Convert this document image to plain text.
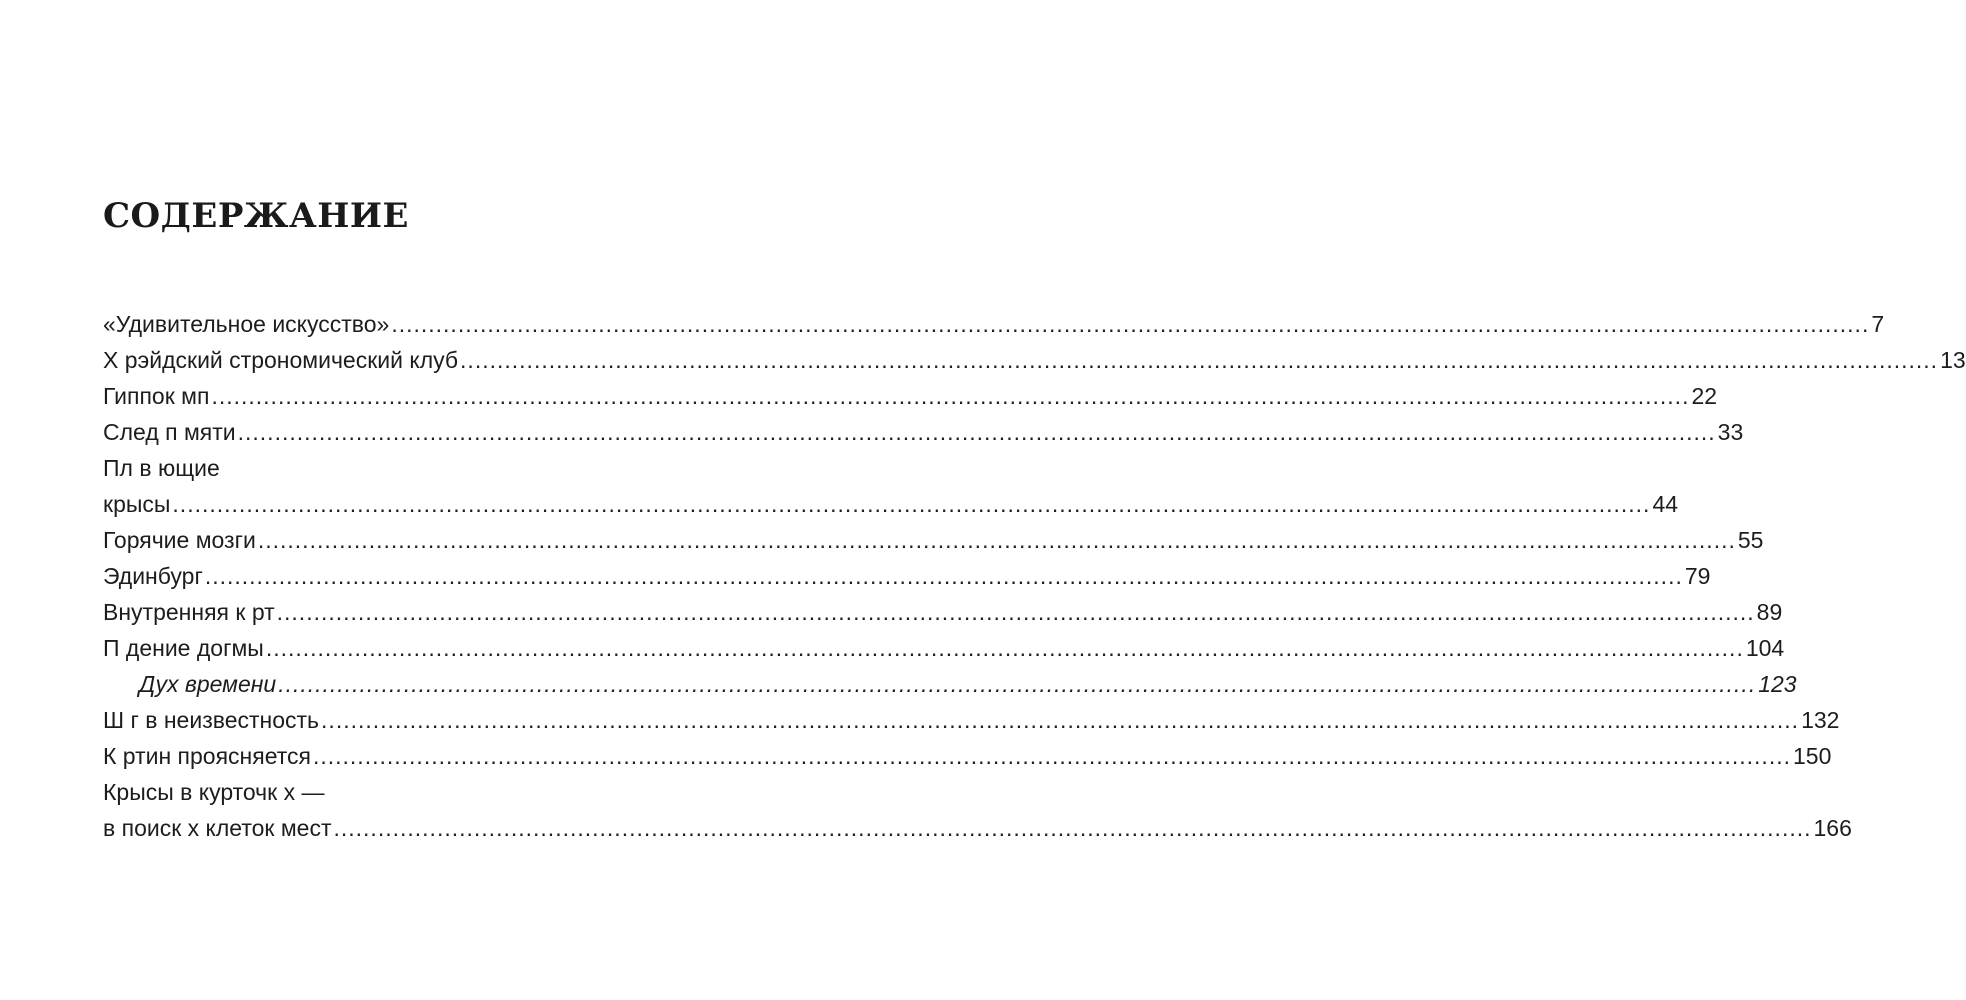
СОДЕРЖАНИЕ
«Удивительное искусство» ........................................................................................................................................................................................................ 7
Х рэйдский строномический клуб ........................................................................................................................................................................................................ 13
Гиппок мп ........................................................................................................................................................................................................ 22
След п мяти ........................................................................................................................................................................................................ 33
Пл в ющие
крысы ........................................................................................................................................................................................................ 44
Горячие мозги ........................................................................................................................................................................................................ 55
Эдинбург ........................................................................................................................................................................................................ 79
Внутренняя к рт ........................................................................................................................................................................................................ 89
П дение догмы ........................................................................................................................................................................................................ 104
Дух времени ........................................................................................................................................................................................................ 123
Ш г в неизвестность ........................................................................................................................................................................................................ 132
К ртин проясняется ........................................................................................................................................................................................................ 150
Крысы в курточк х —
в поиск х клеток мест ........................................................................................................................................................................................................ 166
